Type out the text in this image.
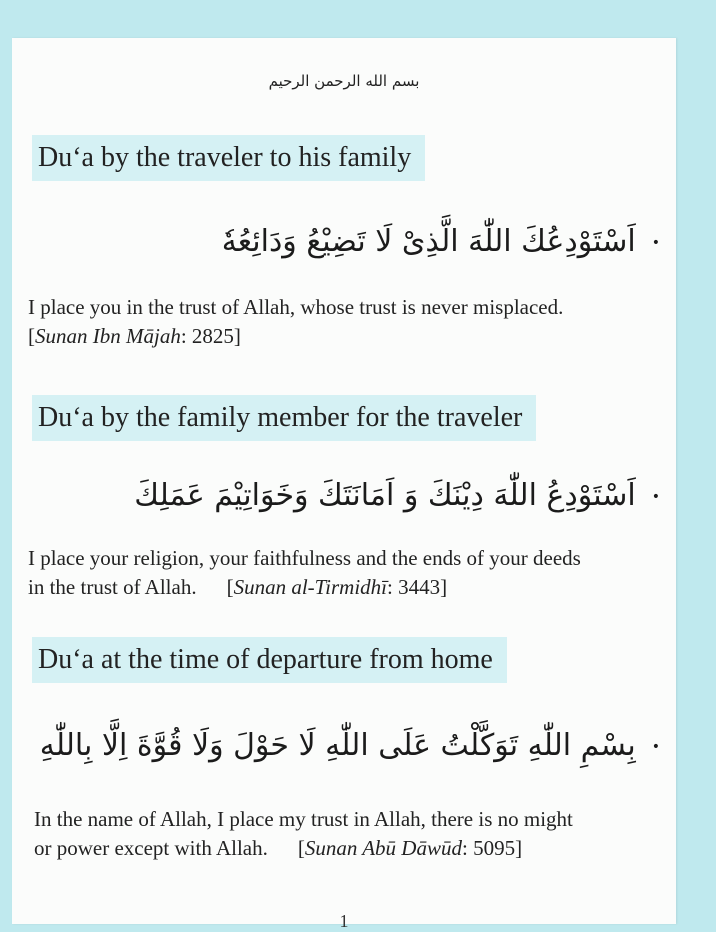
بسم الله الرحمن الرحيم
Du‘a by the traveler to his family
•اَسْتَوْدِعُكَ اللّٰهَ الَّذِىْ لَا تَضِيْعُ وَدَائِعُهٗ
I place you in the trust of Allah, whose trust is never misplaced.
[Sunan Ibn Mājah: 2825]
Du‘a by the family member for the traveler
•اَسْتَوْدِعُ اللّٰهَ دِيْنَكَ وَ اَمَانَتَكَ وَخَوَاتِيْمَ عَمَلِكَ
I place your religion, your faithfulness and the ends of your deeds
in the trust of Allah. [Sunan al-Tirmidhī: 3443]
Du‘a at the time of departure from home
•بِسْمِ اللّٰهِ تَوَكَّلْتُ عَلَى اللّٰهِ لَا حَوْلَ وَلَا قُوَّةَ اِلَّا بِاللّٰهِ
In the name of Allah, I place my trust in Allah, there is no might
or power except with Allah. [Sunan Abū Dāwūd: 5095]
1
